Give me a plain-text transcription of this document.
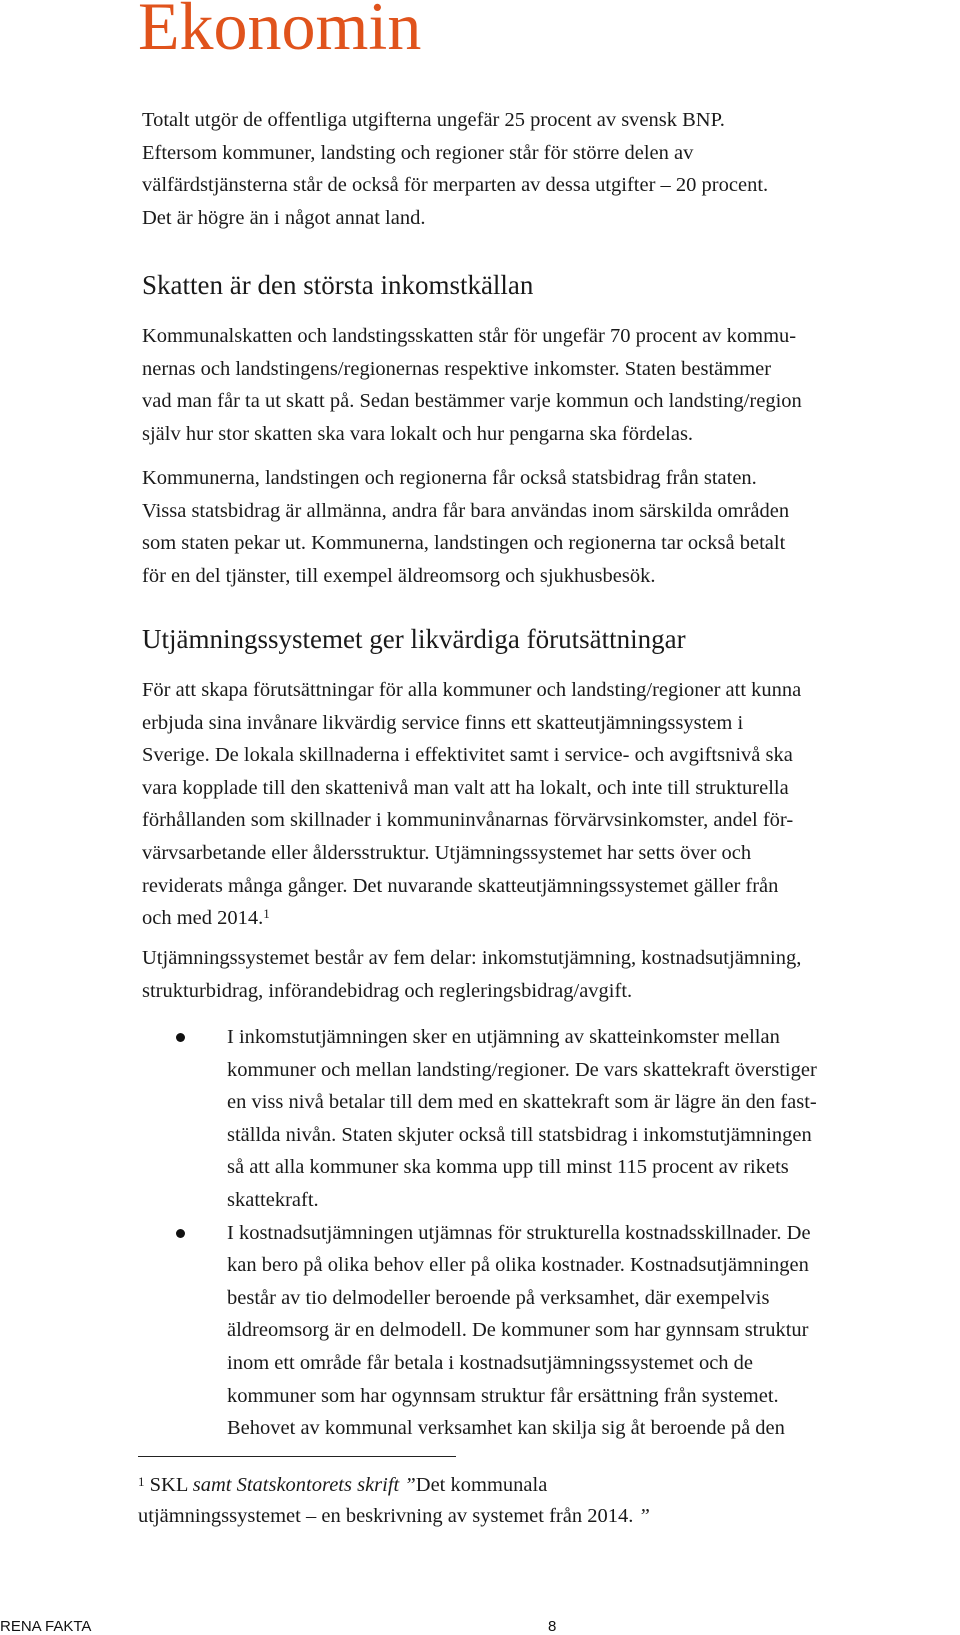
Ekonomin

Totalt utgör de offentliga utgifterna ungefär 25 procent av svensk BNP.

Eftersom kommuner, landsting och regioner står för större delen av

välfärdstjänsterna står de också för merparten av dessa utgifter – 20 procent.

Det är högre än i något annat land.

Skatten är den största inkomstkällan

Kommunalskatten och landstingsskatten står för ungefär 70 procent av kommu-

nernas och landstingens/regionernas respektive inkomster. Staten bestämmer

vad man får ta ut skatt på. Sedan bestämmer varje kommun och landsting/region

själv hur stor skatten ska vara lokalt och hur pengarna ska fördelas.

Kommunerna, landstingen och regionerna får också statsbidrag från staten.

Vissa statsbidrag är allmänna, andra får bara användas inom särskilda områden

som staten pekar ut. Kommunerna, landstingen och regionerna tar också betalt

för en del tjänster, till exempel äldreomsorg och sjukhusbesök.

Utjämningssystemet ger likvärdiga förutsättningar

För att skapa förutsättningar för alla kommuner och landsting/regioner att kunna

erbjuda sina invånare likvärdig service finns ett skatteutjämningssystem i

Sverige. De lokala skillnaderna i effektivitet samt i service- och avgiftsnivå ska

vara kopplade till den skattenivå man valt att ha lokalt, och inte till strukturella

förhållanden som skillnader i kommuninvånarnas förvärvsinkomster, andel för-

värvsarbetande eller åldersstruktur. Utjämningssystemet har setts över och

reviderats många gånger. Det nuvarande skatteutjämningssystemet gäller från

och med 2014.$^1$

Utjämningssystemet består av fem delar: inkomstutjämning, kostnadsutjämning,

strukturbidrag, införandebidrag och regleringsbidrag/avgift.

I inkomstutjämningen sker en utjämning av skatteinkomster mellan
kommuner och mellan landsting/regioner. De vars skattekraft överstiger
en viss nivå betalar till dem med en skattekraft som är lägre än den fast-
ställda nivån. Staten skjuter också till statsbidrag i inkomstutjämningen
så att alla kommuner ska komma upp till minst 115 procent av rikets
skattekraft.
I kostnadsutjämningen utjämnas för strukturella kostnadsskillnader. De
kan bero på olika behov eller på olika kostnader. Kostnadsutjämningen
består av tio delmodeller beroende på verksamhet, där exempelvis
äldreomsorg är en delmodell. De kommuner som har gynnsam struktur
inom ett område får betala i kostnadsutjämningssystemet och de
kommuner som har ogynnsam struktur får ersättning från systemet.
Behovet av kommunal verksamhet kan skilja sig åt beroende på den
$^1$ SKL samt Statskontorets skrift ”Det kommunala
utjämningssystemet – en beskrivning av systemet från 2014. ”
RENA FAKTA	8
